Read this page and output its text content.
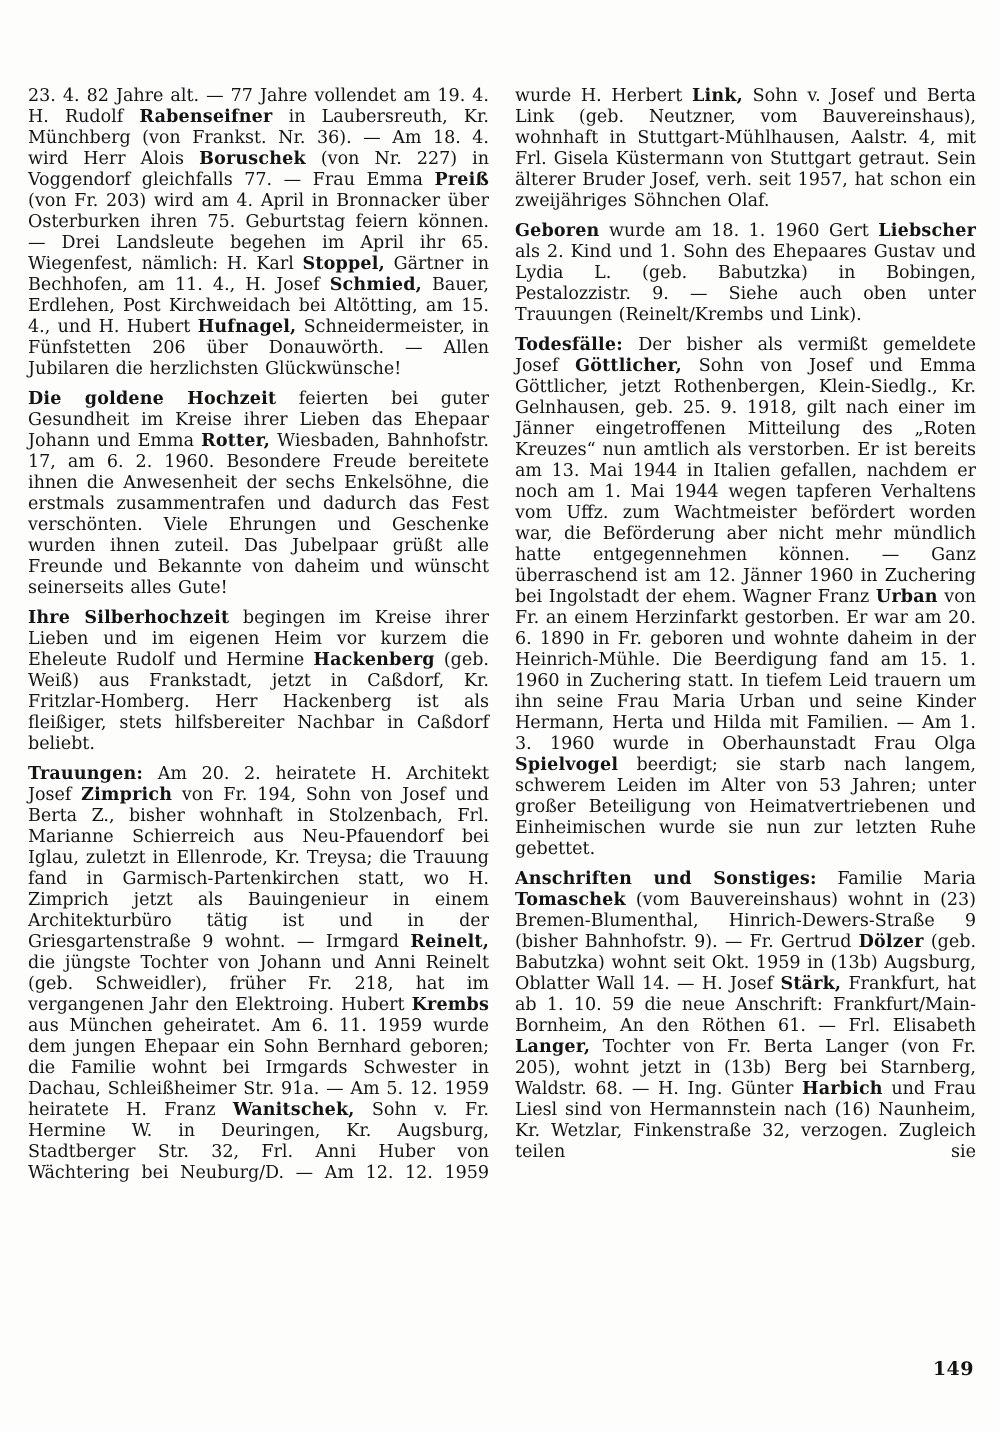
23. 4. 82 Jahre alt. — 77 Jahre vollendet am 19. 4. H. Rudolf Rabenseifner in Laubersreuth, Kr. Münchberg (von Frankst. Nr. 36). — Am 18. 4. wird Herr Alois Boruschek (von Nr. 227) in Voggendorf gleichfalls 77. — Frau Emma Preiß (von Fr. 203) wird am 4. April in Bronnacker über Osterburken ihren 75. Geburtstag feiern können. — Drei Landsleute begehen im April ihr 65. Wiegenfest, nämlich: H. Karl Stoppel, Gärtner in Bechhofen, am 11. 4., H. Josef Schmied, Bauer, Erdlehen, Post Kirchweidach bei Altötting, am 15. 4., und H. Hubert Hufnagel, Schneidermeister, in Fünfstetten 206 über Donauwörth. — Allen Jubilaren die herzlichsten Glückwünsche!

Die goldene Hochzeit feierten bei guter Gesundheit im Kreise ihrer Lieben das Ehepaar Johann und Emma Rotter, Wiesbaden, Bahnhofstr. 17, am 6. 2. 1960. Besondere Freude bereitete ihnen die Anwesenheit der sechs Enkelsöhne, die erstmals zusammentrafen und dadurch das Fest verschönten. Viele Ehrungen und Geschenke wurden ihnen zuteil. Das Jubelpaar grüßt alle Freunde und Bekannte von daheim und wünscht seinerseits alles Gute!

Ihre Silberhochzeit begingen im Kreise ihrer Lieben und im eigenen Heim vor kurzem die Eheleute Rudolf und Hermine Hackenberg (geb. Weiß) aus Frankstadt, jetzt in Caßdorf, Kr. Fritzlar-Homberg. Herr Hackenberg ist als fleißiger, stets hilfsbereiter Nachbar in Caßdorf beliebt.

Trauungen: Am 20. 2. heiratete H. Architekt Josef Zimprich von Fr. 194, Sohn von Josef und Berta Z., bisher wohnhaft in Stolzenbach, Frl. Marianne Schierreich aus Neu-Pfauendorf bei Iglau, zuletzt in Ellenrode, Kr. Treysa; die Trauung fand in Garmisch-Partenkirchen statt, wo H. Zimprich jetzt als Bauingenieur in einem Architekturbüro tätig ist und in der Griesgartenstraße 9 wohnt. — Irmgard Reinelt, die jüngste Tochter von Johann und Anni Reinelt (geb. Schweidler), früher Fr. 218, hat im vergangenen Jahr den Elektroing. Hubert Krembs aus München geheiratet. Am 6. 11. 1959 wurde dem jungen Ehepaar ein Sohn Bernhard geboren; die Familie wohnt bei Irmgards Schwester in Dachau, Schleißheimer Str. 91a. — Am 5. 12. 1959 heiratete H. Franz Wanitschek, Sohn v. Fr. Hermine W. in Deuringen, Kr. Augsburg, Stadtberger Str. 32, Frl. Anni Huber von Wächtering bei Neuburg/D. — Am 12. 12. 1959

wurde H. Herbert Link, Sohn v. Josef und Berta Link (geb. Neutzner, vom Bauvereinshaus), wohnhaft in Stuttgart-Mühlhausen, Aalstr. 4, mit Frl. Gisela Küstermann von Stuttgart getraut. Sein älterer Bruder Josef, verh. seit 1957, hat schon ein zweijähriges Söhnchen Olaf.

Geboren wurde am 18. 1. 1960 Gert Liebscher als 2. Kind und 1. Sohn des Ehepaares Gustav und Lydia L. (geb. Babutzka) in Bobingen, Pestalozzistr. 9. — Siehe auch oben unter Trauungen (Reinelt/Krembs und Link).

Todesfälle: Der bisher als vermißt gemeldete Josef Göttlicher, Sohn von Josef und Emma Göttlicher, jetzt Rothenbergen, Klein-Siedlg., Kr. Gelnhausen, geb. 25. 9. 1918, gilt nach einer im Jänner eingetroffenen Mitteilung des „Roten Kreuzes“ nun amtlich als verstorben. Er ist bereits am 13. Mai 1944 in Italien gefallen, nachdem er noch am 1. Mai 1944 wegen tapferen Verhaltens vom Uffz. zum Wachtmeister befördert worden war, die Beförderung aber nicht mehr mündlich hatte entgegennehmen können. — Ganz überraschend ist am 12. Jänner 1960 in Zuchering bei Ingolstadt der ehem. Wagner Franz Urban von Fr. an einem Herzinfarkt gestorben. Er war am 20. 6. 1890 in Fr. geboren und wohnte daheim in der Heinrich-Mühle. Die Beerdigung fand am 15. 1. 1960 in Zuchering statt. In tiefem Leid trauern um ihn seine Frau Maria Urban und seine Kinder Hermann, Herta und Hilda mit Familien. — Am 1. 3. 1960 wurde in Oberhaunstadt Frau Olga Spielvogel beerdigt; sie starb nach langem, schwerem Leiden im Alter von 53 Jahren; unter großer Beteiligung von Heimatvertriebenen und Einheimischen wurde sie nun zur letzten Ruhe gebettet.

Anschriften und Sonstiges: Familie Maria Tomaschek (vom Bauvereinshaus) wohnt in (23) Bremen-Blumenthal, Hinrich-Dewers-Straße 9 (bisher Bahnhofstr. 9). — Fr. Gertrud Dölzer (geb. Babutzka) wohnt seit Okt. 1959 in (13b) Augsburg, Oblatter Wall 14. — H. Josef Stärk, Frankfurt, hat ab 1. 10. 59 die neue Anschrift: Frankfurt/Main-Bornheim, An den Röthen 61. — Frl. Elisabeth Langer, Tochter von Fr. Berta Langer (von Fr. 205), wohnt jetzt in (13b) Berg bei Starnberg, Waldstr. 68. — H. Ing. Günter Harbich und Frau Liesl sind von Hermannstein nach (16) Naunheim, Kr. Wetzlar, Finkenstraße 32, verzogen. Zugleich teilen sie

149
